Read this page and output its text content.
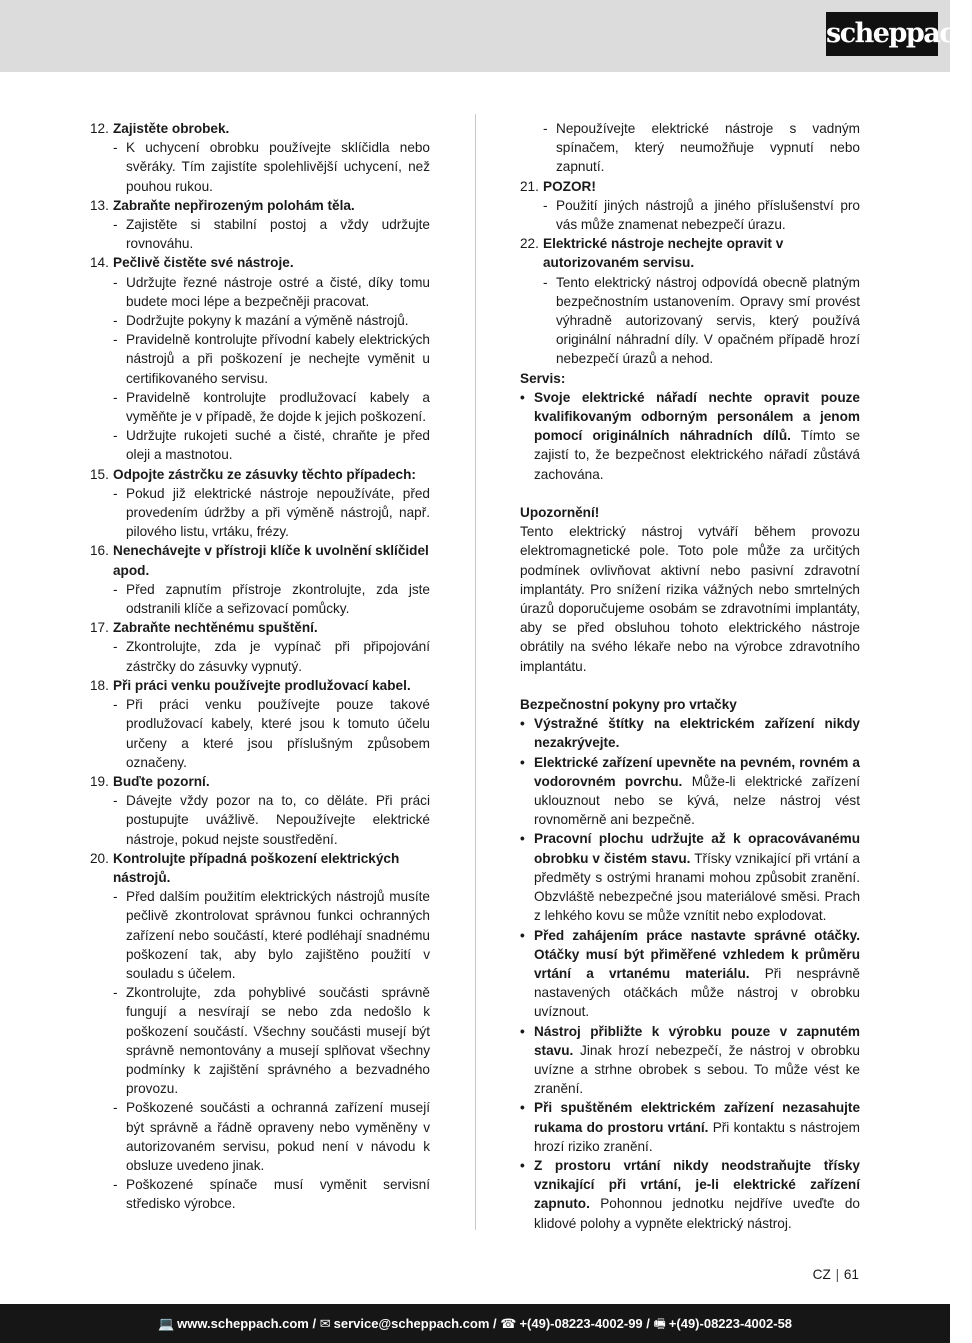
scheppach
12. Zajistěte obrobek.
- K uchycení obrobku používejte sklíčidla nebo svěráky. Tím zajistíte spolehlivější uchycení, než pouhou rukou.
13. Zabraňte nepřirozeným polohám těla.
- Zajistěte si stabilní postoj a vždy udržujte rovnováhu.
14. Pečlivě čistěte své nástroje.
- Udržujte řezné nástroje ostré a čisté, díky tomu budete moci lépe a bezpečněji pracovat.
- Dodržujte pokyny k mazání a výměně nástrojů.
- Pravidelně kontrolujte přívodní kabely elektrických nástrojů a při poškození je nechejte vyměnit u certifikovaného servisu.
- Pravidelně kontrolujte prodlužovací kabely a vyměňte je v případě, že dojde k jejich poškození.
- Udržujte rukojeti suché a čisté, chraňte je před oleji a mastnotou.
15. Odpojte zástrčku ze zásuvky těchto případech:
- Pokud již elektrické nástroje nepoužíváte, před provedením údržby a při výměně nástrojů, např. pilového listu, vrtáku, frézy.
16. Nenechávejte v přístroji klíče k uvolnění sklíčidel apod.
- Před zapnutím přístroje zkontrolujte, zda jste odstranili klíče a seřizovací pomůcky.
17. Zabraňte nechtěnému spuštění.
- Zkontrolujte, zda je vypínač při připojování zástrčky do zásuvky vypnutý.
18. Při práci venku používejte prodlužovací kabel.
- Při práci venku používejte pouze takové prodlužovací kabely, které jsou k tomuto účelu určeny a které jsou příslušným způsobem označeny.
19. Buďte pozorní.
- Dávejte vždy pozor na to, co děláte. Při práci postupujte uvážlivě. Nepoužívejte elektrické nástroje, pokud nejste soustředění.
20. Kontrolujte případná poškození elektrických nástrojů.
- Před dalším použitím elektrických nástrojů musíte pečlivě zkontrolovat správnou funkci ochranných zařízení nebo součástí, které podléhají snadnému poškození tak, aby bylo zajištěno použití v souladu s účelem.
- Zkontrolujte, zda pohyblivé součásti správně fungují a nesvírají se nebo zda nedošlo k poškození součástí. Všechny součásti musejí být správně nemontovány a musejí splňovat všechny podmínky k zajištění správného a bezvadného provozu.
- Poškozené součásti a ochranná zařízení musejí být správně a řádně opraveny nebo vyměněny v autorizovaném servisu, pokud není v návodu k obsluze uvedeno jinak.
- Poškozené spínače musí vyměnit servisní středisko výrobce.
- Nepoužívejte elektrické nástroje s vadným spínačem, který neumožňuje vypnutí nebo zapnutí.
21. POZOR!
- Použití jiných nástrojů a jiného příslušenství pro vás může znamenat nebezpečí úrazu.
22. Elektrické nástroje nechejte opravit v autorizovaném servisu.
- Tento elektrický nástroj odpovídá obecně platným bezpečnostním ustanovením. Opravy smí provést výhradně autorizovaný servis, který používá originální náhradní díly. V opačném případě hrozí nebezpečí úrazů a nehod.
Servis:
• Svoje elektrické nářadí nechte opravit pouze kvalifikovaným odborným personálem a jenom pomocí originálních náhradních dílů. Tímto se zajistí to, že bezpečnost elektrického nářadí zůstává zachována.
Upozornění!
Tento elektrický nástroj vytváří během provozu elektromagnetické pole. Toto pole může za určitých podmínek ovlivňovat aktivní nebo pasivní zdravotní implantáty. Pro snížení rizika vážných nebo smrtelných úrazů doporučujeme osobám se zdravotními implantáty, aby se před obsluhou tohoto elektrického nástroje obrátily na svého lékaře nebo na výrobce zdravotního implantátu.
Bezpečnostní pokyny pro vrtačky
• Výstražné štítky na elektrickém zařízení nikdy nezakrývejte.
• Elektrické zařízení upevněte na pevném, rovném a vodorovném povrchu. Může-li elektrické zařízení uklouznout nebo se kývá, nelze nástroj vést rovnoměrně ani bezpečně.
• Pracovní plochu udržujte až k opracovávanému obrobku v čistém stavu. Třísky vznikající při vrtání a předměty s ostrými hranami mohou způsobit zranění. Obzvláště nebezpečné jsou materiálové směsi. Prach z lehkého kovu se může vznítit nebo explodovat.
• Před zahájením práce nastavte správné otáčky. Otáčky musí být přiměřené vzhledem k průměru vrtání a vrtanému materiálu. Při nesprávně nastavených otáčkách může nástroj v obrobku uvíznout.
• Nástroj přibližte k výrobku pouze v zapnutém stavu. Jinak hrozí nebezpečí, že nástroj v obrobku uvízne a strhne obrobek s sebou. To může vést ke zranění.
• Při spuštěném elektrickém zařízení nezasahujte rukama do prostoru vrtání. Při kontaktu s nástrojem hrozí riziko zranění.
• Z prostoru vrtání nikdy neodstraňujte třísky vznikající při vrtání, je-li elektrické zařízení zapnuto. Pohonnou jednotku nejdříve uveďte do klidové polohy a vypněte elektrický nástroj.
CZ | 61
💻 www.scheppach.com / ✉ service@scheppach.com / ☎ +(49)-08223-4002-99 / 🖷 +(49)-08223-4002-58
